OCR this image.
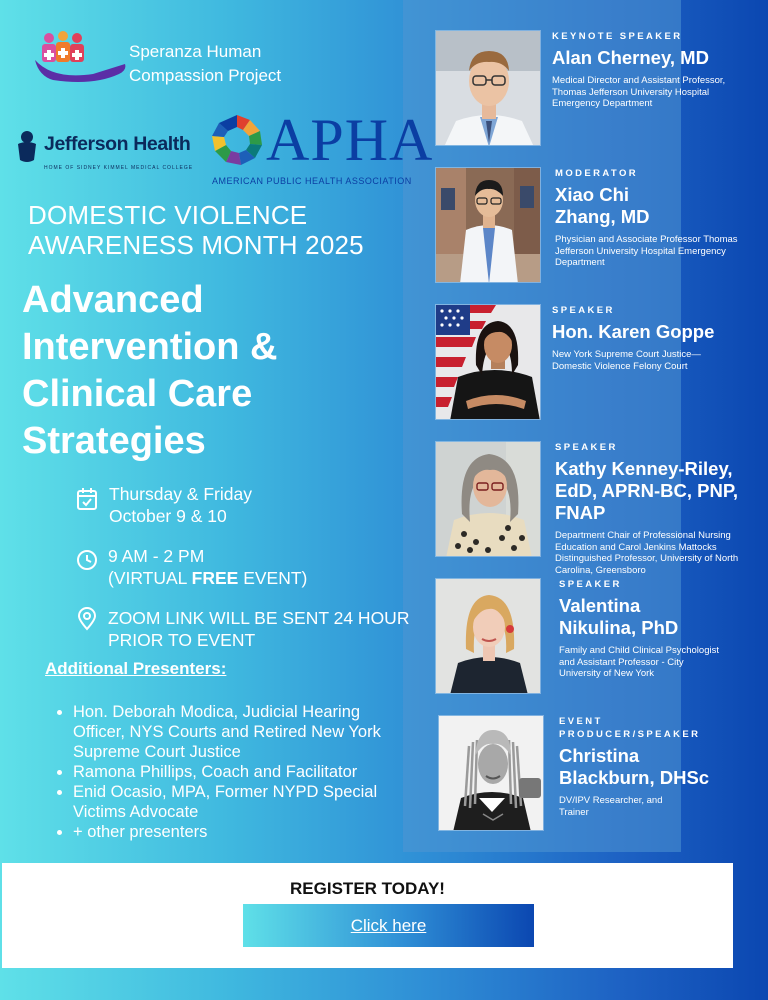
KEYNOTE SPEAKER
Alan Cherney, MD
Medical Director and Assistant Professor, Thomas Jefferson University Hospital Emergency Department
MODERATOR
Xiao Chi Zhang, MD
Physician and Associate Professor Thomas Jefferson University Hospital Emergency Department
SPEAKER
Hon. Karen Goppe
New York Supreme Court Justice—Domestic Violence Felony Court
SPEAKER
Kathy Kenney-Riley, EdD, APRN-BC, PNP, FNAP
Department Chair of Professional Nursing Education and Carol Jenkins Mattocks Distinguished Professor, University of North Carolina, Greensboro
SPEAKER
Valentina Nikulina, PhD
Family and Child Clinical Psychologist and Assistant Professor - City University of New York
EVENT PRODUCER/SPEAKER
Christina Blackburn, DHSc
DV/IPV Researcher, and Trainer
Speranza Human
Compassion Project
Jefferson Health
HOME OF SIDNEY KIMMEL MEDICAL COLLEGE APHA
AMERICAN PUBLIC HEALTH ASSOCIATION
DOMESTIC VIOLENCE
AWARENESS MONTH 2025
Advanced
Intervention &
Clinical Care
Strategies
Thursday & Friday
October 9 & 10
9 AM - 2 PM
(VIRTUAL FREE EVENT)
ZOOM LINK WILL BE SENT 24 HOUR
PRIOR TO EVENT
Additional Presenters:
Hon. Deborah Modica, Judicial Hearing Officer, NYS Courts and Retired New York Supreme Court Justice
Ramona Phillips, Coach and Facilitator
Enid Ocasio, MPA, Former NYPD Special Victims Advocate
+ other presenters
REGISTER TODAY!
Click here
